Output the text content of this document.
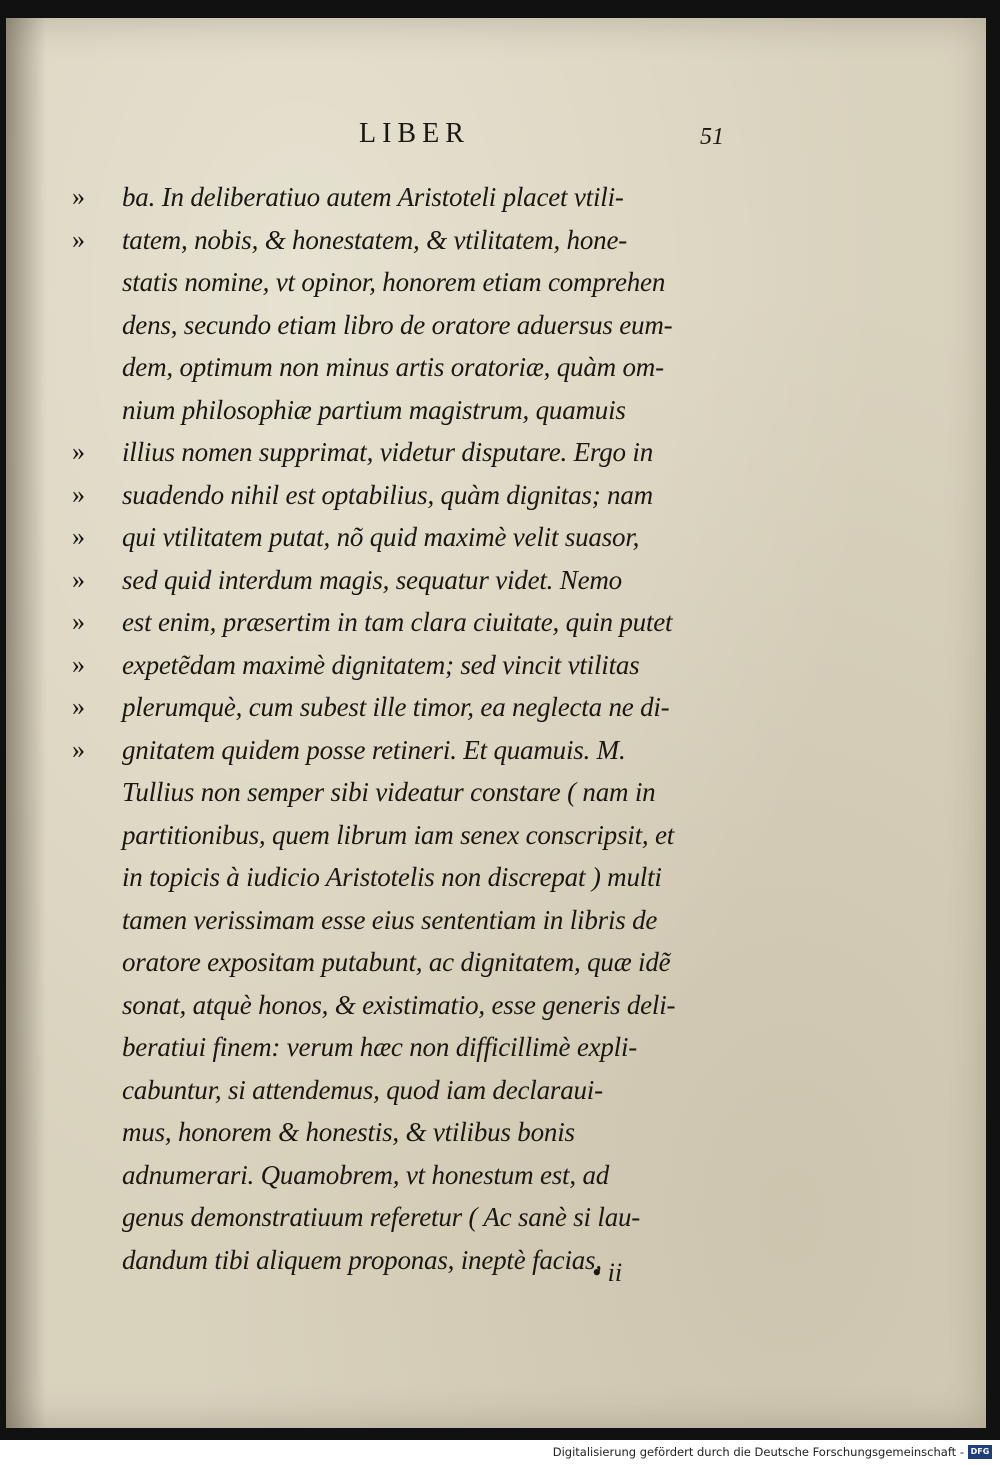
LIBER	51
»	ba. In deliberatiuo autem Aristoteli placet vtili-
»	tatem, nobis, & honestatem, & vtilitatem, hone-
statis nomine, vt opinor, honorem etiam comprehen
dens, secundo etiam libro de oratore aduersus eum-
dem, optimum non minus artis oratoriæ, quàm om-
nium philosophiæ partium magistrum, quamuis
»	illius nomen supprimat, videtur disputare. Ergo in
»	suadendo nihil est optabilius, quàm dignitas; nam
»	qui vtilitatem putat, nõ quid maximè velit suasor,
»	sed quid interdum magis, sequatur videt. Nemo
»	est enim, præsertim in tam clara ciuitate, quin putet
»	expetẽdam maximè dignitatem; sed vincit vtilitas
»	plerumquè, cum subest ille timor, ea neglecta ne di-
»	gnitatem quidem posse retineri. Et quamuis. M.
Tullius non semper sibi videatur constare ( nam in
partitionibus, quem librum iam senex conscripsit, et
in topicis à iudicio Aristotelis non discrepat ) multi
tamen verissimam esse eius sententiam in libris de
oratore expositam putabunt, ac dignitatem, quæ idẽ
sonat, atquè honos, & existimatio, esse generis deli-
beratiui finem: verum hæc non difficillimè expli-
cabuntur, si attendemus, quod iam declaraui-
mus, honorem & honestis, & vtilibus bonis
adnumerari. Quamobrem, vt honestum est, ad
genus demonstratiuum referetur ( Ac sanè si lau-
dandum tibi aliquem proponas, ineptè facias,
• ii
Digitalisierung gefördert durch die Deutsche Forschungsgemeinschaft - DFG
